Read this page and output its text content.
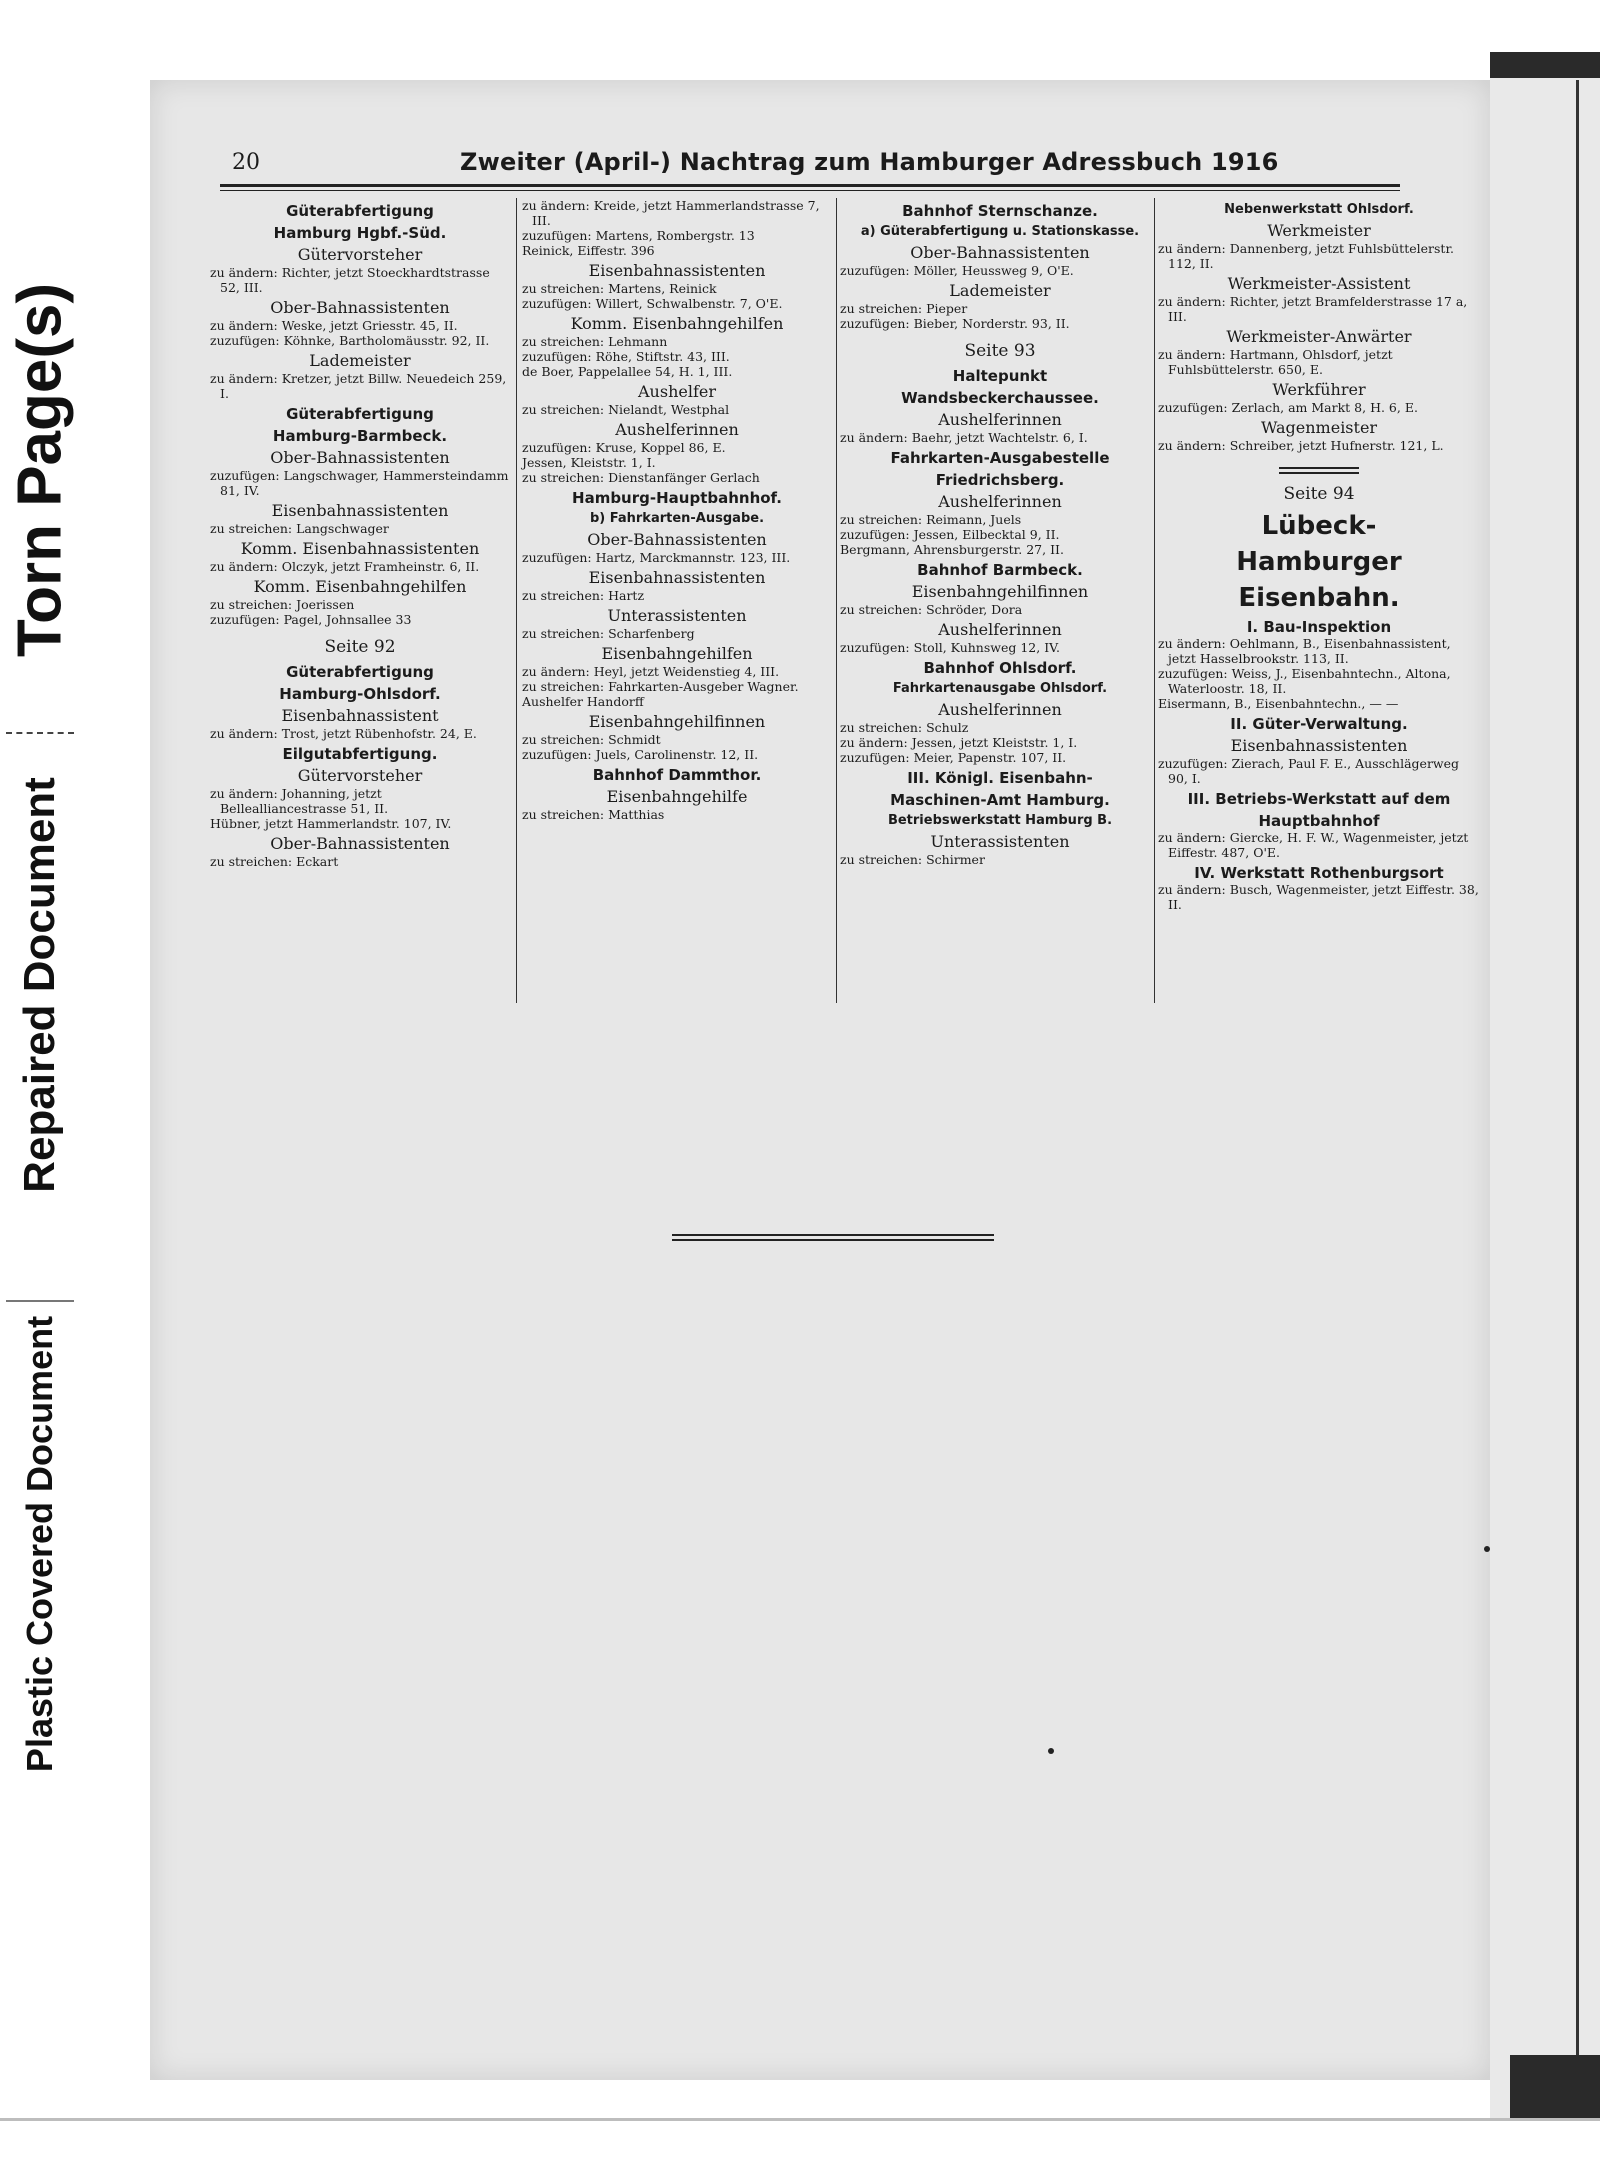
Torn Page(s)
Repaired Document
Plastic Covered Document
20	Zweiter (April-) Nachtrag zum Hamburger Adressbuch 1916
Güterabfertigung
Hamburg Hgbf.-Süd.
Gütervorsteher
zu ändern: Richter, jetzt Stoeckhardtstrasse 52, III.
Ober-Bahnassistenten
zu ändern: Weske, jetzt Griesstr. 45, II.
zuzufügen: Köhnke, Bartholomäusstr. 92, II.
Lademeister
zu ändern: Kretzer, jetzt Billw. Neuedeich 259, I.
Güterabfertigung
Hamburg-Barmbeck.
Ober-Bahnassistenten
zuzufügen: Langschwager, Hammersteindamm 81, IV.
Eisenbahnassistenten
zu streichen: Langschwager
Komm. Eisenbahnassistenten
zu ändern: Olczyk, jetzt Framheinstr. 6, II.
Komm. Eisenbahngehilfen
zu streichen: Joerissen
zuzufügen: Pagel, Johnsallee 33
Seite 92
Güterabfertigung
Hamburg-Ohlsdorf.
Eisenbahnassistent
zu ändern: Trost, jetzt Rübenhofstr. 24, E.
Eilgutabfertigung.
Gütervorsteher
zu ändern: Johanning, jetzt Bellealliancestrasse 51, II.
Hübner, jetzt Hammerlandstr. 107, IV.
Ober-Bahnassistenten
zu streichen: Eckart
zu ändern: Kreide, jetzt Hammerlandstrasse 7, III.
zuzufügen: Martens, Rombergstr. 13
Reinick, Eiffestr. 396
Eisenbahnassistenten
zu streichen: Martens, Reinick
zuzufügen: Willert, Schwalbenstr. 7, O'E.
Komm. Eisenbahngehilfen
zu streichen: Lehmann
zuzufügen: Röhe, Stiftstr. 43, III.
de Boer, Pappelallee 54, H. 1, III.
Aushelfer
zu streichen: Nielandt, Westphal
Aushelferinnen
zuzufügen: Kruse, Koppel 86, E.
Jessen, Kleiststr. 1, I.
zu streichen: Dienstanfänger Gerlach
Hamburg-Hauptbahnhof.
b) Fahrkarten-Ausgabe.
Ober-Bahnassistenten
zuzufügen: Hartz, Marckmannstr. 123, III.
Eisenbahnassistenten
zu streichen: Hartz
Unterassistenten
zu streichen: Scharfenberg
Eisenbahngehilfen
zu ändern: Heyl, jetzt Weidenstieg 4, III.
zu streichen: Fahrkarten-Ausgeber Wagner.
Aushelfer Handorff
Eisenbahngehilfinnen
zu streichen: Schmidt
zuzufügen: Juels, Carolinenstr. 12, II.
Bahnhof Dammthor.
Eisenbahngehilfe
zu streichen: Matthias
Bahnhof Sternschanze.
a) Güterabfertigung u. Stationskasse.
Ober-Bahnassistenten
zuzufügen: Möller, Heussweg 9, O'E.
Lademeister
zu streichen: Pieper
zuzufügen: Bieber, Norderstr. 93, II.
Seite 93
Haltepunkt
Wandsbeckerchaussee.
Aushelferinnen
zu ändern: Baehr, jetzt Wachtelstr. 6, I.
Fahrkarten-Ausgabestelle
Friedrichsberg.
Aushelferinnen
zu streichen: Reimann, Juels
zuzufügen: Jessen, Eilbecktal 9, II.
Bergmann, Ahrensburgerstr. 27, II.
Bahnhof Barmbeck.
Eisenbahngehilfinnen
zu streichen: Schröder, Dora
Aushelferinnen
zuzufügen: Stoll, Kuhnsweg 12, IV.
Bahnhof Ohlsdorf.
Fahrkartenausgabe Ohlsdorf.
Aushelferinnen
zu streichen: Schulz
zu ändern: Jessen, jetzt Kleiststr. 1, I.
zuzufügen: Meier, Papenstr. 107, II.
III. Königl. Eisenbahn-
Maschinen-Amt Hamburg.
Betriebswerkstatt Hamburg B.
Unterassistenten
zu streichen: Schirmer
Nebenwerkstatt Ohlsdorf.
Werkmeister
zu ändern: Dannenberg, jetzt Fuhlsbüttelerstr. 112, II.
Werkmeister-Assistent
zu ändern: Richter, jetzt Bramfelderstrasse 17 a, III.
Werkmeister-Anwärter
zu ändern: Hartmann, Ohlsdorf, jetzt Fuhlsbüttelerstr. 650, E.
Werkführer
zuzufügen: Zerlach, am Markt 8, H. 6, E.
Wagenmeister
zu ändern: Schreiber, jetzt Hufnerstr. 121, L.
Seite 94
Lübeck-
Hamburger
Eisenbahn.
I. Bau-Inspektion
zu ändern: Oehlmann, B., Eisenbahnassistent, jetzt Hasselbrookstr. 113, II.
zuzufügen: Weiss, J., Eisenbahntechn., Altona, Waterloostr. 18, II.
Eisermann, B., Eisenbahntechn., — —
II. Güter-Verwaltung.
Eisenbahnassistenten
zuzufügen: Zierach, Paul F. E., Ausschlägerweg 90, I.
III. Betriebs-Werkstatt auf dem
Hauptbahnhof
zu ändern: Giercke, H. F. W., Wagenmeister, jetzt Eiffestr. 487, O'E.
IV. Werkstatt Rothenburgsort
zu ändern: Busch, Wagenmeister, jetzt Eiffestr. 38, II.
